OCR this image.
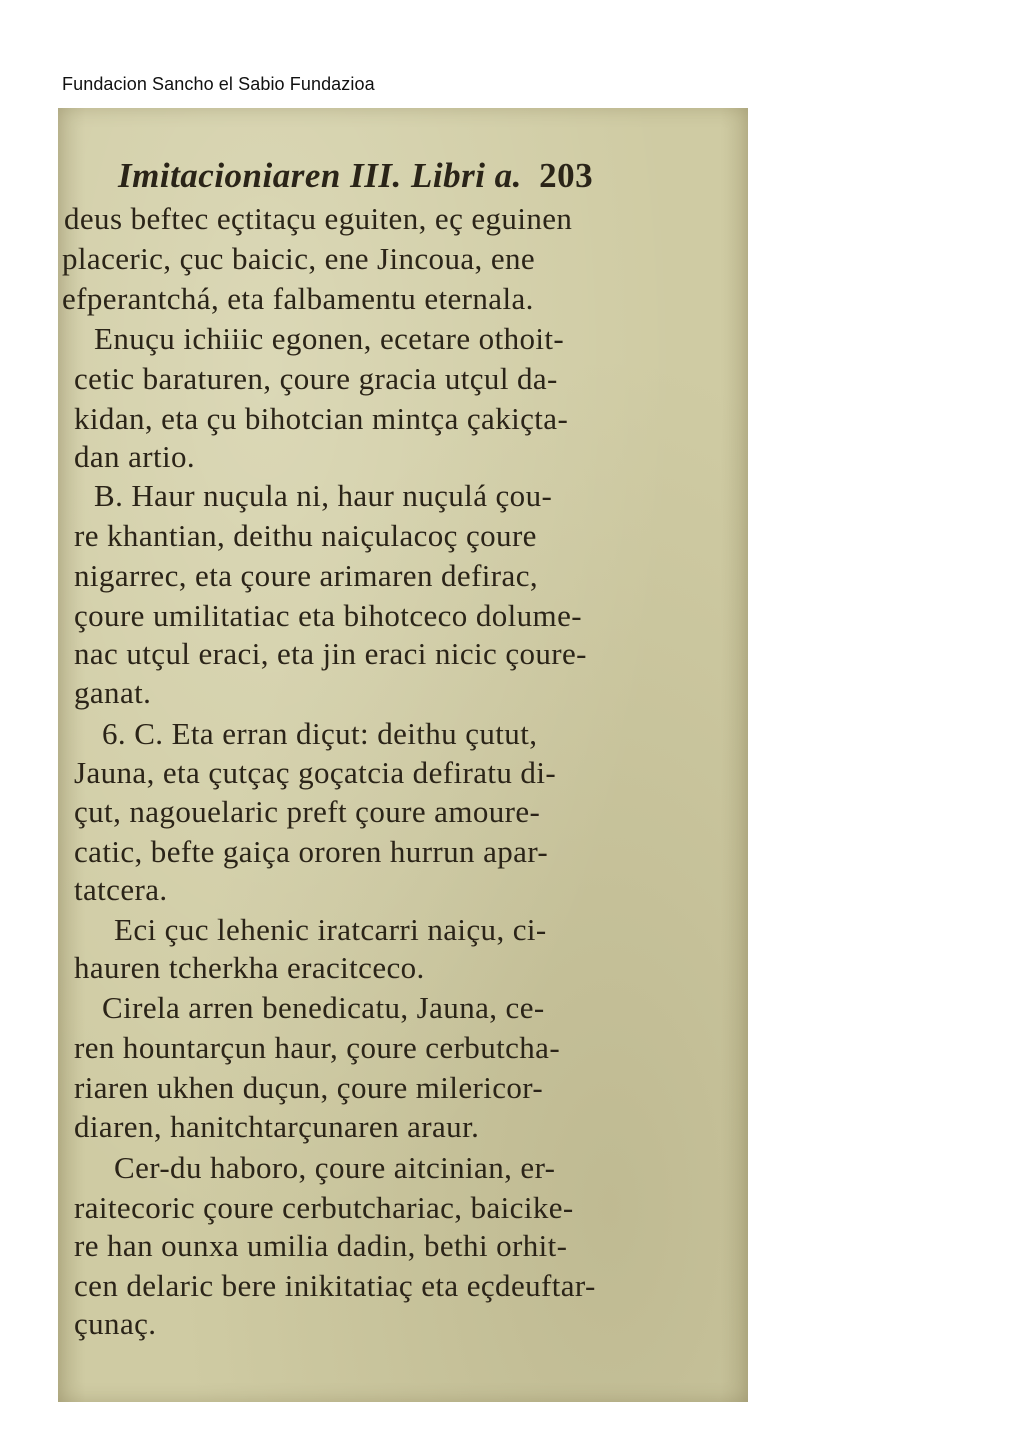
Fundacion Sancho el Sabio Fundazioa
Imitacioniaren III. Libri a. 203
deus beftec eçtitaçu eguiten, eç eguinen
placeric, çuc baicic, ene Jincoua, ene
efperantchá, eta falbamentu eternala.
Enuçu ichiiic egonen, ecetare othoit-
cetic baraturen, çoure gracia utçul da-
kidan, eta çu bihotcian mintça çakiçta-
dan artio.
B. Haur nuçula ni, haur nuçulá çou-
re khantian, deithu naiçulacoç çoure
nigarrec, eta çoure arimaren defirac,
çoure umilitatiac eta bihotceco dolume-
nac utçul eraci, eta jin eraci nicic çoure-
ganat.
6. C. Eta erran diçut: deithu çutut,
Jauna, eta çutçaç goçatcia defiratu di-
çut, nagouelaric preft çoure amoure-
catic, befte gaiça ororen hurrun apar-
tatcera.
Eci çuc lehenic iratcarri naiçu, ci-
hauren tcherkha eracitceco.
Cirela arren benedicatu, Jauna, ce-
ren hountarçun haur, çoure cerbutcha-
riaren ukhen duçun, çoure milericor-
diaren, hanitchtarçunaren araur.
Cer-du haboro, çoure aitcinian, er-
raitecoric çoure cerbutchariac, baicike-
re han ounxa umilia dadin, bethi orhit-
cen delaric bere inikitatiaç eta eçdeuftar-
çunaç.
